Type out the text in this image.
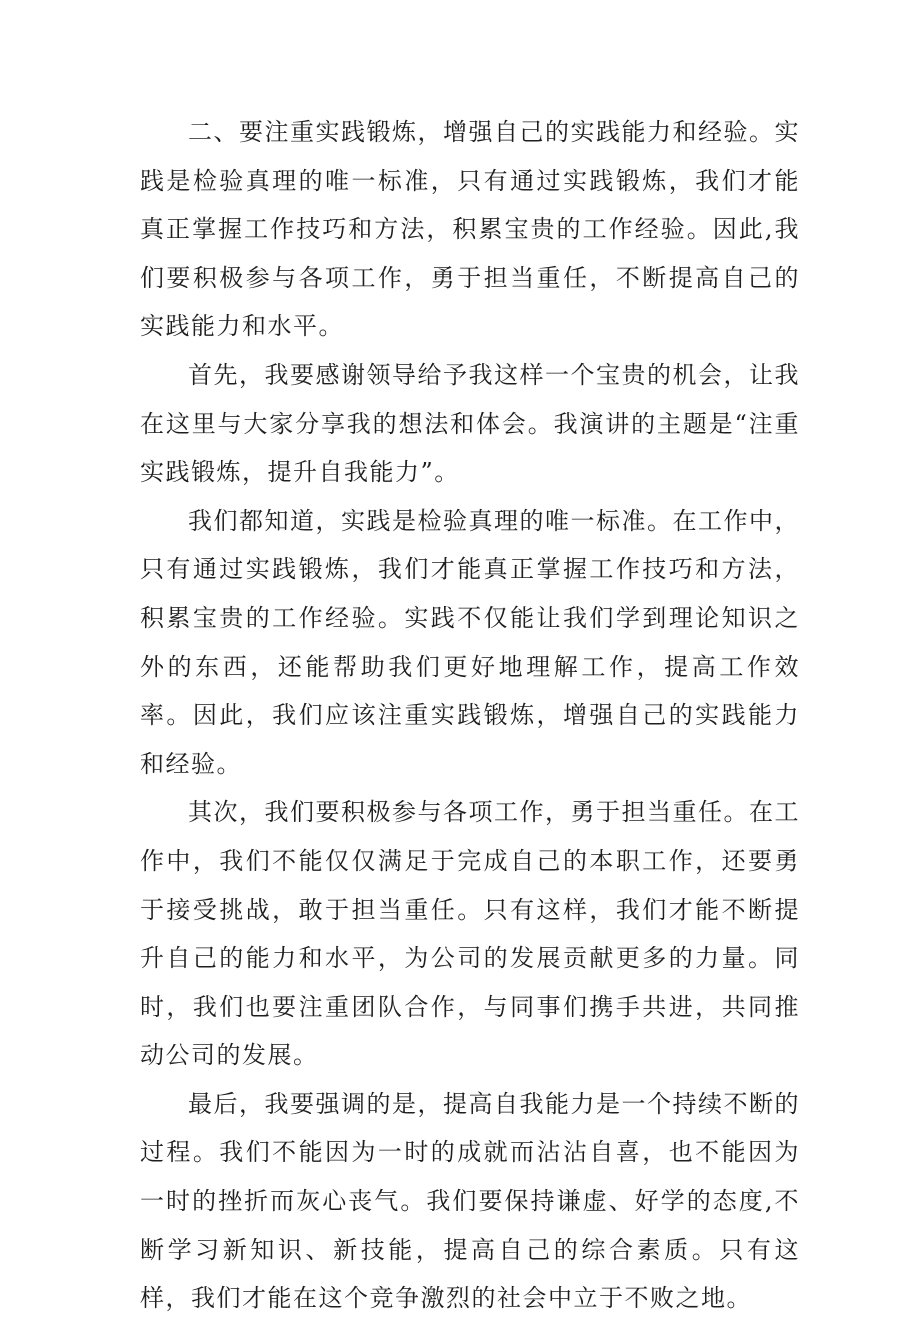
二、要注重实践锻炼，增强自己的实践能力和经验。实践是检验真理的唯一标准，只有通过实践锻炼，我们才能真正掌握工作技巧和方法，积累宝贵的工作经验。因此,我们要积极参与各项工作，勇于担当重任，不断提高自己的实践能力和水平。

首先，我要感谢领导给予我这样一个宝贵的机会，让我在这里与大家分享我的想法和体会。我演讲的主题是“注重实践锻炼，提升自我能力”。

我们都知道，实践是检验真理的唯一标准。在工作中，只有通过实践锻炼，我们才能真正掌握工作技巧和方法，积累宝贵的工作经验。实践不仅能让我们学到理论知识之外的东西，还能帮助我们更好地理解工作，提高工作效率。因此，我们应该注重实践锻炼，增强自己的实践能力和经验。

其次，我们要积极参与各项工作，勇于担当重任。在工作中，我们不能仅仅满足于完成自己的本职工作，还要勇于接受挑战，敢于担当重任。只有这样，我们才能不断提升自己的能力和水平，为公司的发展贡献更多的力量。同时，我们也要注重团队合作，与同事们携手共进，共同推动公司的发展。

最后，我要强调的是，提高自我能力是一个持续不断的过程。我们不能因为一时的成就而沾沾自喜，也不能因为一时的挫折而灰心丧气。我们要保持谦虚、好学的态度,不断学习新知识、新技能，提高自己的综合素质。只有这样，我们才能在这个竞争激烈的社会中立于不败之地。
